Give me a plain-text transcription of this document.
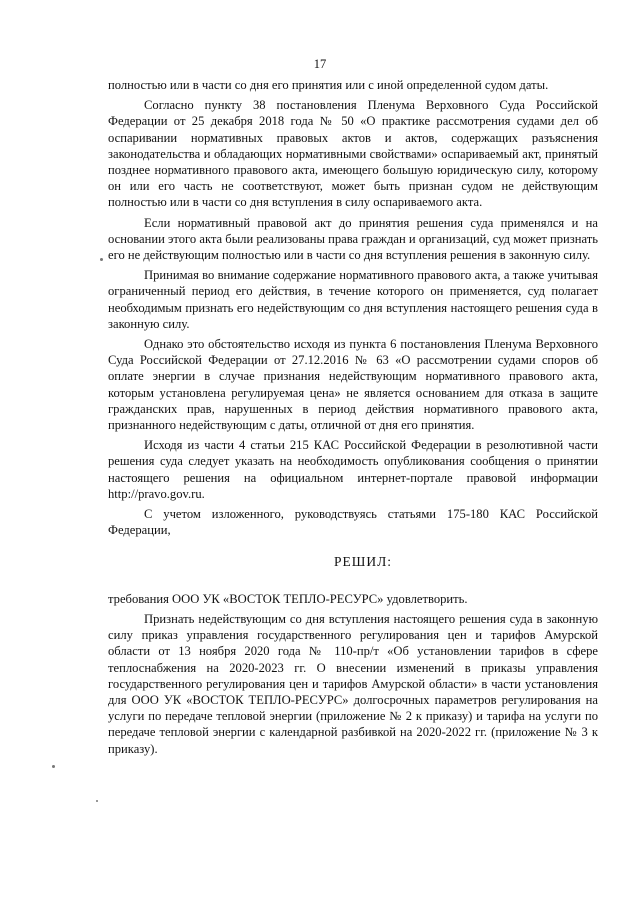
17

полностью или в части со дня его принятия или с иной определенной судом даты.

Согласно пункту 38 постановления Пленума Верховного Суда Российской Федерации от 25 декабря 2018 года № 50 «О практике рассмотрения судами дел об оспаривании нормативных правовых актов и актов, содержащих разъяснения законодательства и обладающих нормативными свойствами» оспариваемый акт, принятый позднее нормативного правового акта, имеющего большую юридическую силу, которому он или его часть не соответствуют, может быть признан судом не действующим полностью или в части со дня вступления в силу оспариваемого акта.

Если нормативный правовой акт до принятия решения суда применялся и на основании этого акта были реализованы права граждан и организаций, суд может признать его не действующим полностью или в части со дня вступления решения в законную силу.

Принимая во внимание содержание нормативного правового акта, а также учитывая ограниченный период его действия, в течение которого он применяется, суд полагает необходимым признать его недействующим со дня вступления настоящего решения суда в законную силу.

Однако это обстоятельство исходя из пункта 6 постановления Пленума Верховного Суда Российской Федерации от 27.12.2016 № 63 «О рассмотрении судами споров об оплате энергии в случае признания недействующим нормативного правового акта, которым установлена регулируемая цена» не является основанием для отказа в защите гражданских прав, нарушенных в период действия нормативного правового акта, признанного недействующим с даты, отличной от дня его принятия.

Исходя из части 4 статьи 215 КАС Российской Федерации в резолютивной части решения суда следует указать на необходимость опубликования сообщения о принятии настоящего решения на официальном интернет-портале правовой информации http://pravo.gov.ru.

С учетом изложенного, руководствуясь статьями 175-180 КАС Российской Федерации,

РЕШИЛ:

требования ООО УК «ВОСТОК ТЕПЛО-РЕСУРС» удовлетворить.

Признать недействующим со дня вступления настоящего решения суда в законную силу приказ управления государственного регулирования цен и тарифов Амурской области от 13 ноября 2020 года № 110-пр/т «Об установлении тарифов в сфере теплоснабжения на 2020-2023 гг. О внесении изменений в приказы управления государственного регулирования цен и тарифов Амурской области» в части установления для ООО УК «ВОСТОК ТЕПЛО-РЕСУРС» долгосрочных параметров регулирования на услуги по передаче тепловой энергии (приложение № 2 к приказу) и тарифа на услуги по передаче тепловой энергии с календарной разбивкой на 2020-2022 гг. (приложение № 3 к приказу).
